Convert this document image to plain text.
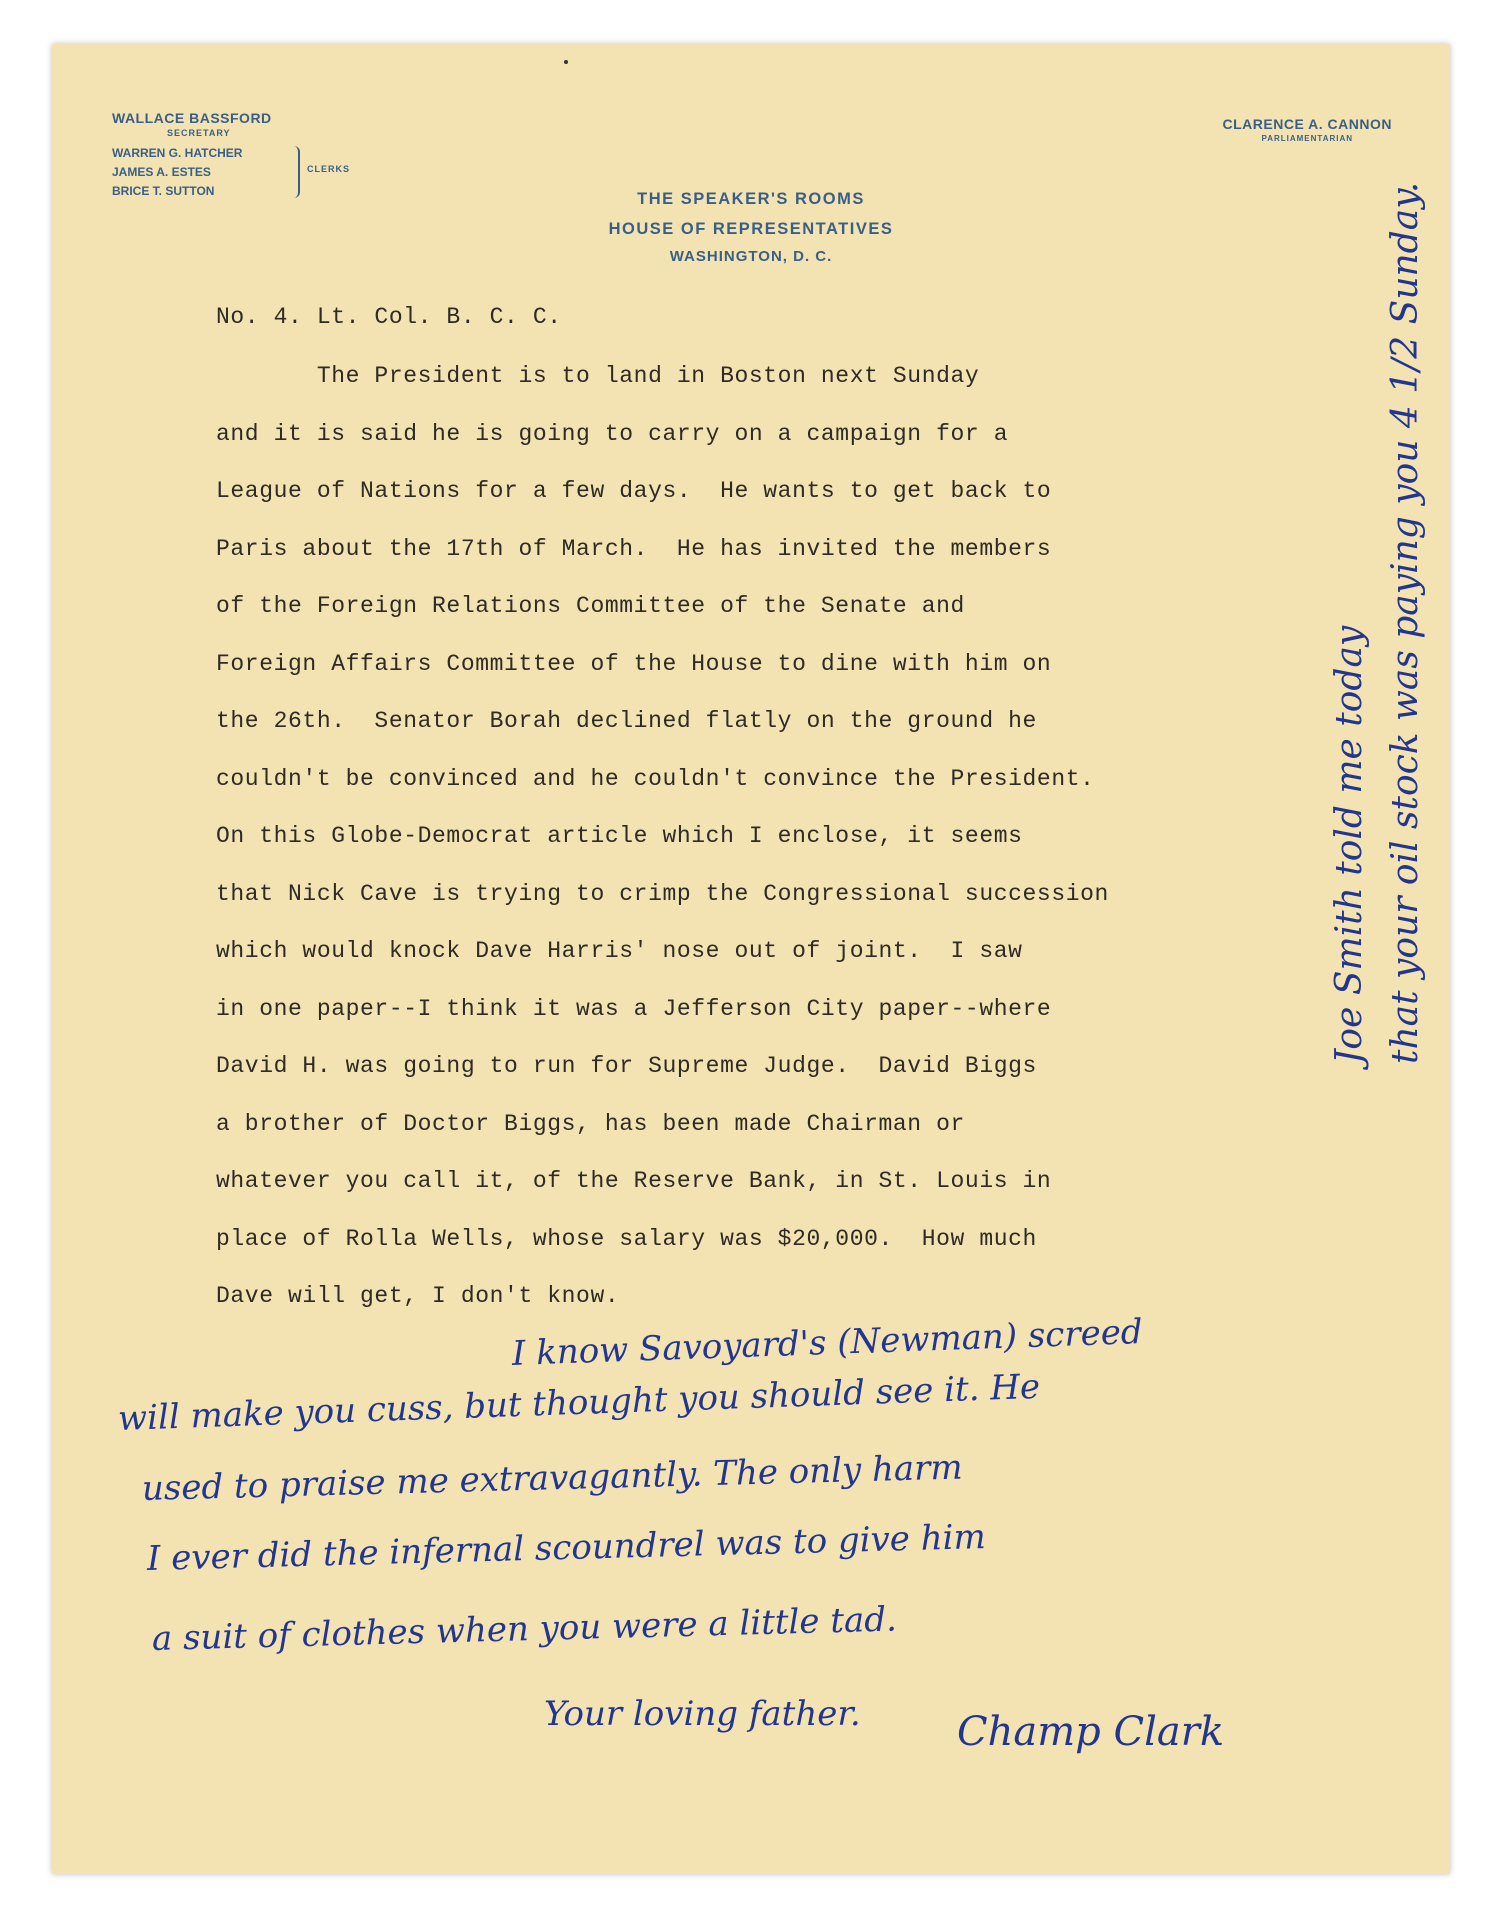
WALLACE BASSFORD
SECRETARY
WARREN G. HATCHER
JAMES A. ESTES
BRICE T. SUTTON
CLERKS
CLARENCE A. CANNON
PARLIAMENTARIAN
THE SPEAKER'S ROOMS
HOUSE OF REPRESENTATIVES
WASHINGTON, D. C.
No. 4. Lt. Col. B. C. C.
The President is to land in Boston next Sunday
and it is said he is going to carry on a campaign for a
League of Nations for a few days.  He wants to get back to
Paris about the 17th of March.  He has invited the members
of the Foreign Relations Committee of the Senate and
Foreign Affairs Committee of the House to dine with him on
the 26th.  Senator Borah declined flatly on the ground he
couldn't be convinced and he couldn't convince the President.
On this Globe-Democrat article which I enclose, it seems
that Nick Cave is trying to crimp the Congressional succession
which would knock Dave Harris' nose out of joint.  I saw
in one paper--I think it was a Jefferson City paper--where
David H. was going to run for Supreme Judge.  David Biggs
a brother of Doctor Biggs, has been made Chairman or
whatever you call it, of the Reserve Bank, in St. Louis in
place of Rolla Wells, whose salary was $20,000.  How much
Dave will get, I don't know.
I know Savoyard's (Newman) screed
will make you cuss, but thought you should see it. He
used to praise me extravagantly. The only harm
I ever did the infernal scoundrel was to give him
a suit of clothes when you were a little tad.
Your loving father. Champ Clark
Joe Smith told me today that your oil stock was paying you 4 1/2 Sunday.
